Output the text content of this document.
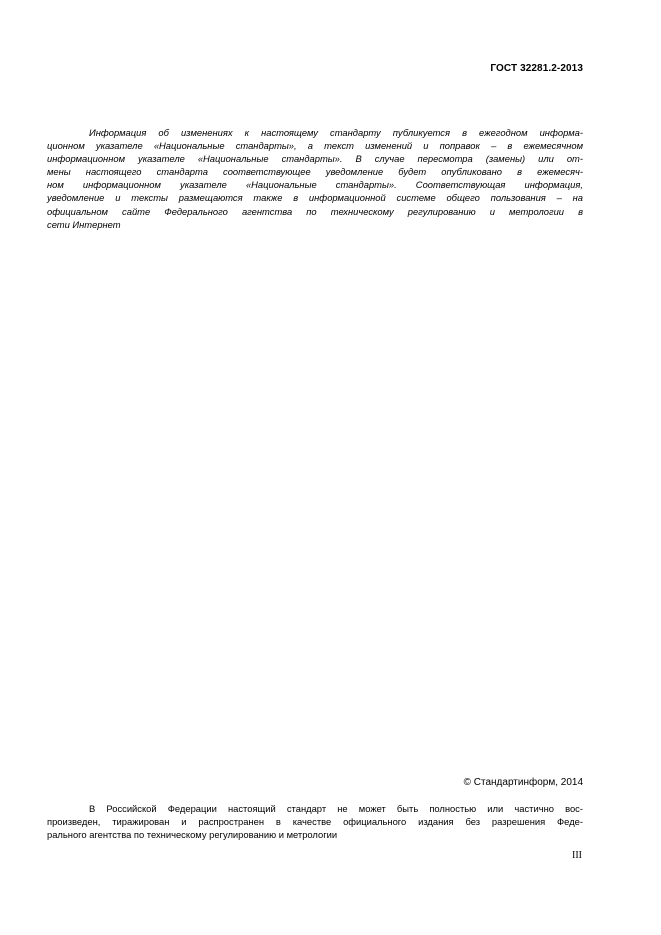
ГОСТ 32281.2-2013
Информация об изменениях к настоящему стандарту публикуется в ежегодном информа-
ционном указателе «Национальные стандарты», а текст изменений и поправок – в ежемесячном
информационном указателе «Национальные стандарты». В случае пересмотра (замены) или от-
мены настоящего стандарта соответствующее уведомление будет опубликовано в ежемесяч-
ном информационном указателе «Национальные стандарты». Соответствующая информация,
уведомление и тексты размещаются также в информационной системе общего пользования – на
официальном сайте Федерального агентства по техническому регулированию и метрологии в
сети Интернет
© Стандартинформ, 2014
В Российской Федерации настоящий стандарт не может быть полностью или частично вос-
произведен, тиражирован и распространен в качестве официального издания без разрешения Феде-
рального агентства по техническому регулированию и метрологии
III
